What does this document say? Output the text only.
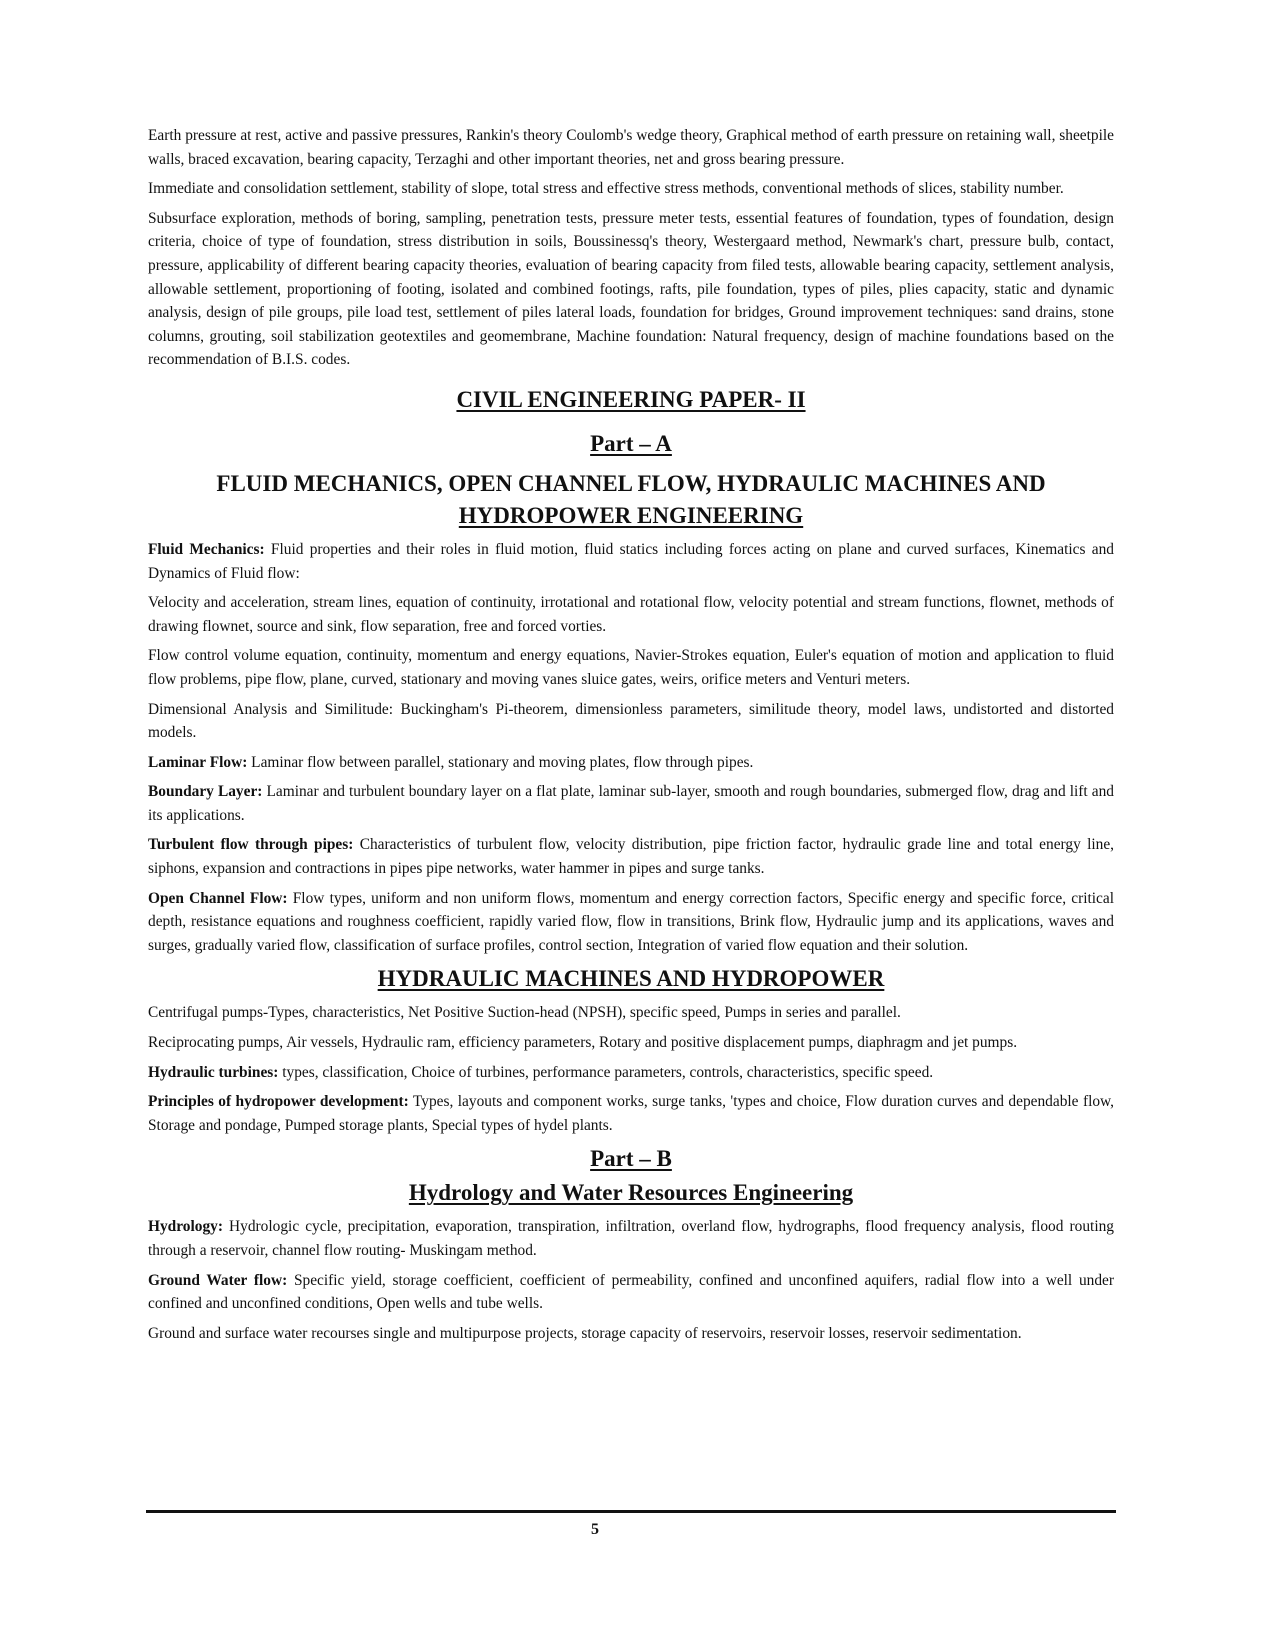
Earth pressure at rest, active and passive pressures, Rankin's theory Coulomb's wedge theory, Graphical method of earth pressure on retaining wall, sheetpile walls, braced excavation, bearing capacity, Terzaghi and other important theories, net and gross bearing pressure.

Immediate and consolidation settlement, stability of slope, total stress and effective stress methods, conventional methods of slices, stability number.

Subsurface exploration, methods of boring, sampling, penetration tests, pressure meter tests, essential features of foundation, types of foundation, design criteria, choice of type of foundation, stress distribution in soils, Boussinessq's theory, Westergaard method, Newmark's chart, pressure bulb, contact, pressure, applicability of different bearing capacity theories, evaluation of bearing capacity from filed tests, allowable bearing capacity, settlement analysis, allowable settlement, proportioning of footing, isolated and combined footings, rafts, pile foundation, types of piles, plies capacity, static and dynamic analysis, design of pile groups, pile load test, settlement of piles lateral loads, foundation for bridges, Ground improvement techniques: sand drains, stone columns, grouting, soil stabilization geotextiles and geomembrane, Machine foundation: Natural frequency, design of machine foundations based on the recommendation of B.I.S. codes.

CIVIL ENGINEERING PAPER- II
Part – A
FLUID MECHANICS, OPEN CHANNEL FLOW, HYDRAULIC MACHINES AND
HYDROPOWER ENGINEERING

Fluid Mechanics: Fluid properties and their roles in fluid motion, fluid statics including forces acting on plane and curved surfaces, Kinematics and Dynamics of Fluid flow:

Velocity and acceleration, stream lines, equation of continuity, irrotational and rotational flow, velocity potential and stream functions, flownet, methods of drawing flownet, source and sink, flow separation, free and forced vorties.

Flow control volume equation, continuity, momentum and energy equations, Navier-Strokes equation, Euler's equation of motion and application to fluid flow problems, pipe flow, plane, curved, stationary and moving vanes sluice gates, weirs, orifice meters and Venturi meters.

Dimensional Analysis and Similitude: Buckingham's Pi-theorem, dimensionless parameters, similitude theory, model laws, undistorted and distorted models.

Laminar Flow: Laminar flow between parallel, stationary and moving plates, flow through pipes.

Boundary Layer: Laminar and turbulent boundary layer on a flat plate, laminar sub-layer, smooth and rough boundaries, submerged flow, drag and lift and its applications.

Turbulent flow through pipes: Characteristics of turbulent flow, velocity distribution, pipe friction factor, hydraulic grade line and total energy line, siphons, expansion and contractions in pipes pipe networks, water hammer in pipes and surge tanks.

Open Channel Flow: Flow types, uniform and non uniform flows, momentum and energy correction factors, Specific energy and specific force, critical depth, resistance equations and roughness coefficient, rapidly varied flow, flow in transitions, Brink flow, Hydraulic jump and its applications, waves and surges, gradually varied flow, classification of surface profiles, control section, Integration of varied flow equation and their solution.

HYDRAULIC MACHINES AND HYDROPOWER

Centrifugal pumps-Types, characteristics, Net Positive Suction-head (NPSH), specific speed, Pumps in series and parallel.

Reciprocating pumps, Air vessels, Hydraulic ram, efficiency parameters, Rotary and positive displacement pumps, diaphragm and jet pumps.

Hydraulic turbines: types, classification, Choice of turbines, performance parameters, controls, characteristics, specific speed.

Principles of hydropower development: Types, layouts and component works, surge tanks, 'types and choice, Flow duration curves and dependable flow, Storage and pondage, Pumped storage plants, Special types of hydel plants.

Part – B
Hydrology and Water Resources Engineering

Hydrology: Hydrologic cycle, precipitation, evaporation, transpiration, infiltration, overland flow, hydrographs, flood frequency analysis, flood routing through a reservoir, channel flow routing- Muskingam method.

Ground Water flow: Specific yield, storage coefficient, coefficient of permeability, confined and unconfined aquifers, radial flow into a well under confined and unconfined conditions, Open wells and tube wells.

Ground and surface water recourses single and multipurpose projects, storage capacity of reservoirs, reservoir losses, reservoir sedimentation.

5
